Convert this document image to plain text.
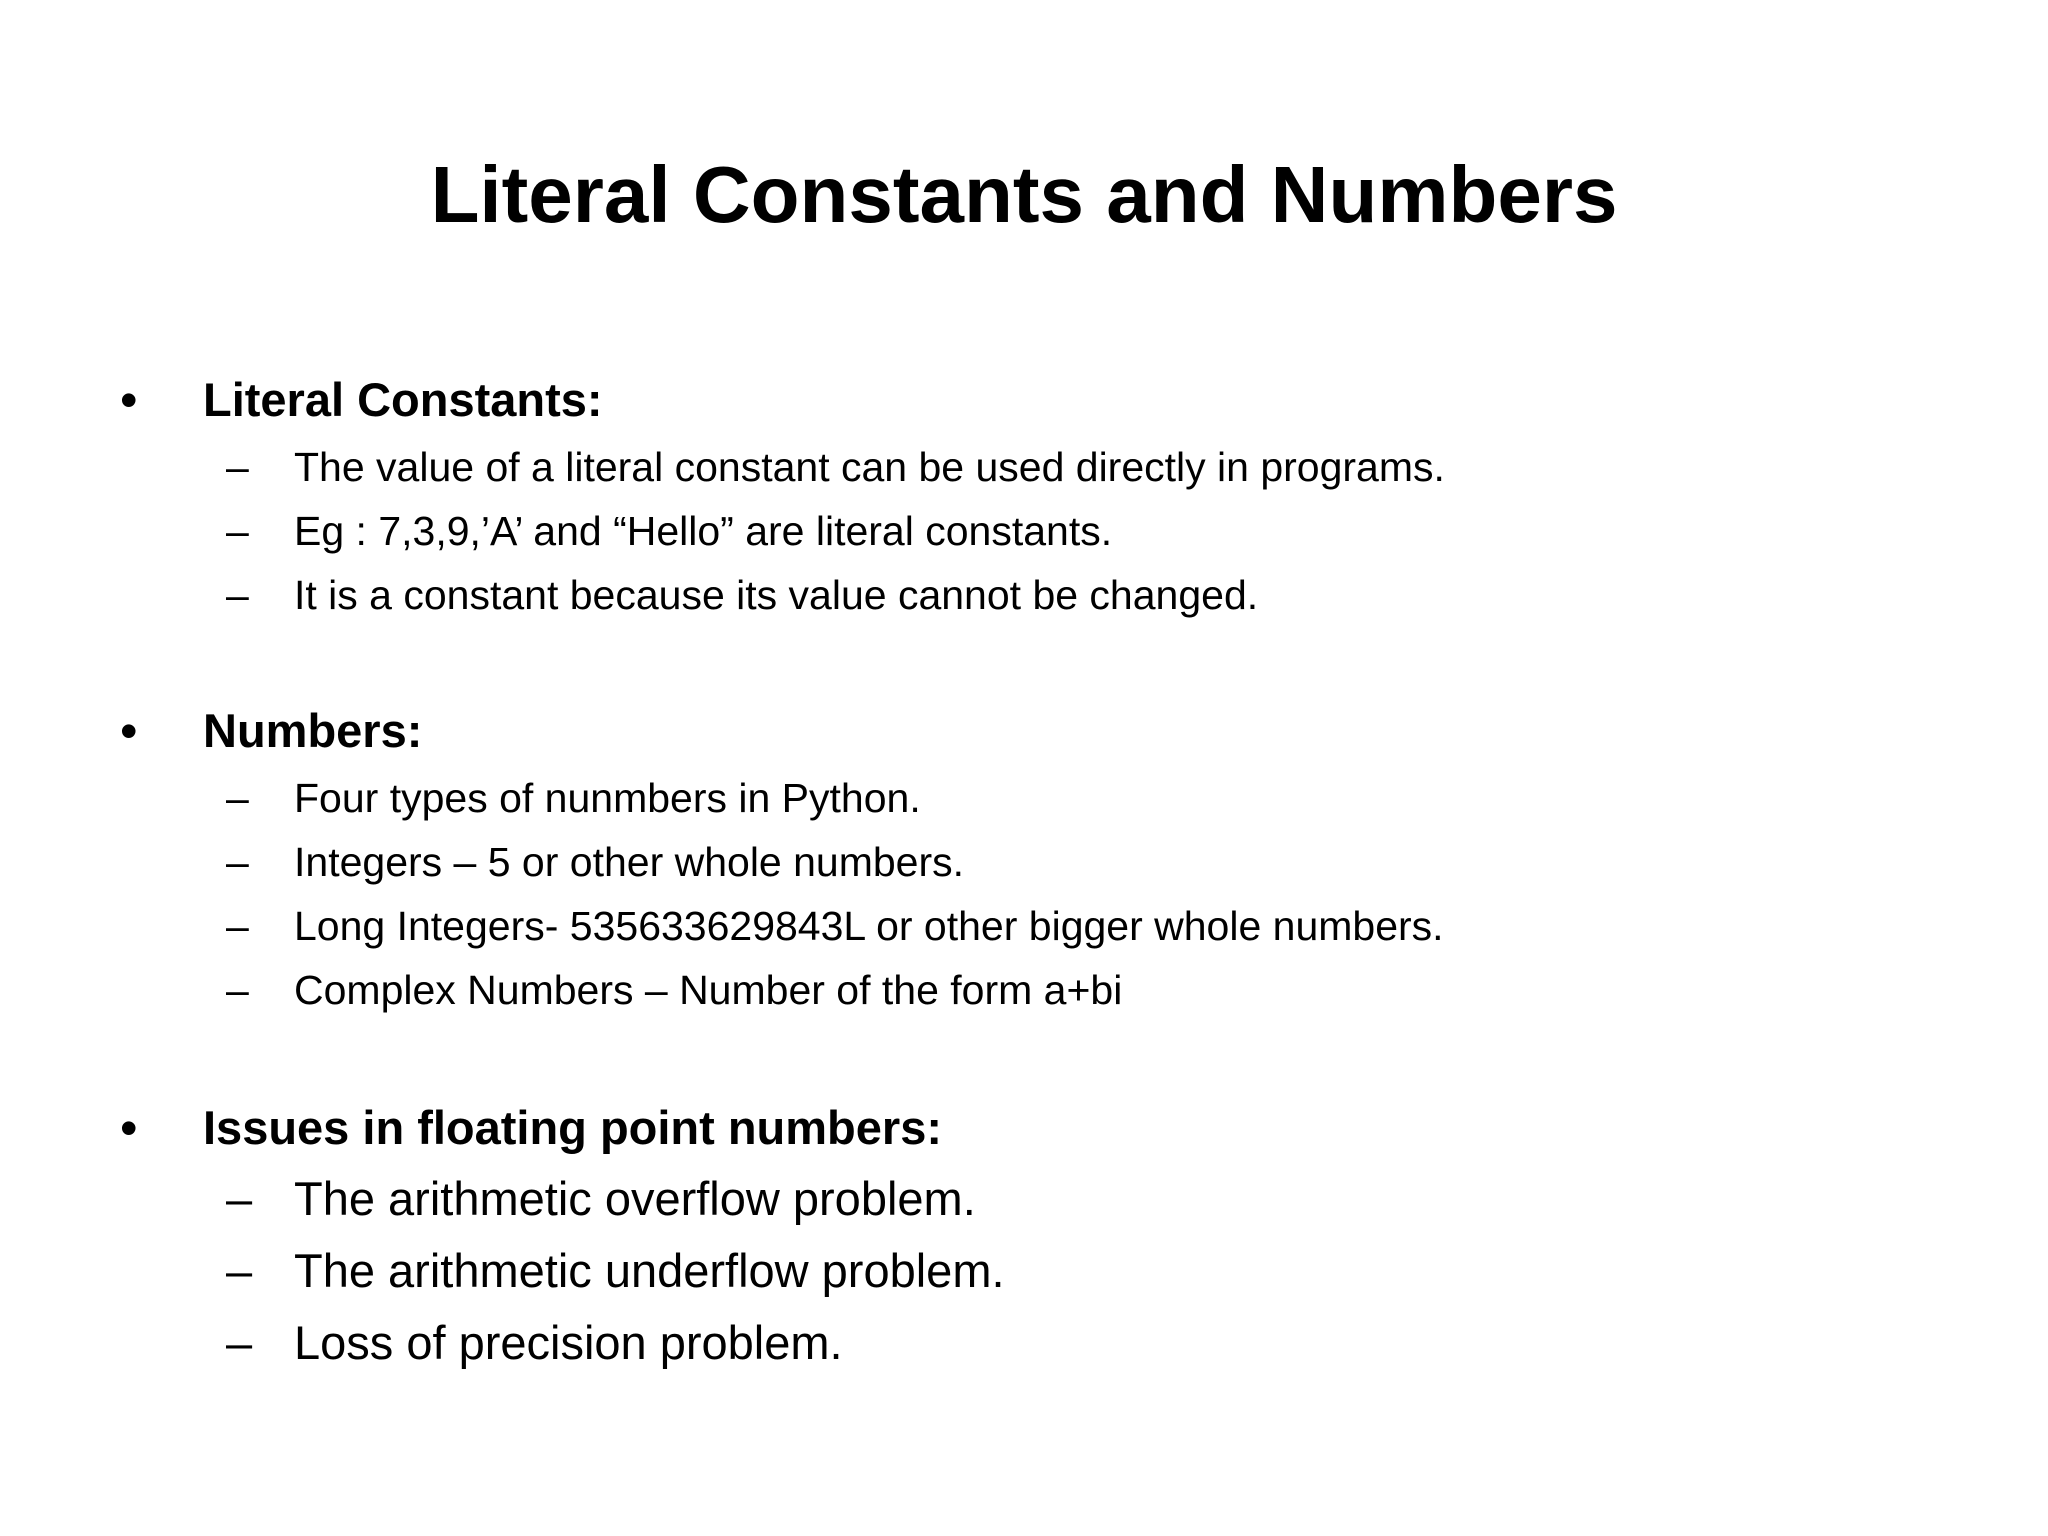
Literal Constants and Numbers
• Literal Constants:
– The value of a literal constant can be used directly in programs.
– Eg : 7,3,9,’A’ and “Hello” are literal constants.
– It is a constant because its value cannot be changed.
• Numbers:
– Four types of nunmbers in Python.
– Integers – 5 or other whole numbers.
– Long Integers- 535633629843L or other bigger whole numbers.
– Complex Numbers – Number of the form a+bi
• Issues in floating point numbers:
– The arithmetic overflow problem.
– The arithmetic underflow problem.
– Loss of precision problem.
